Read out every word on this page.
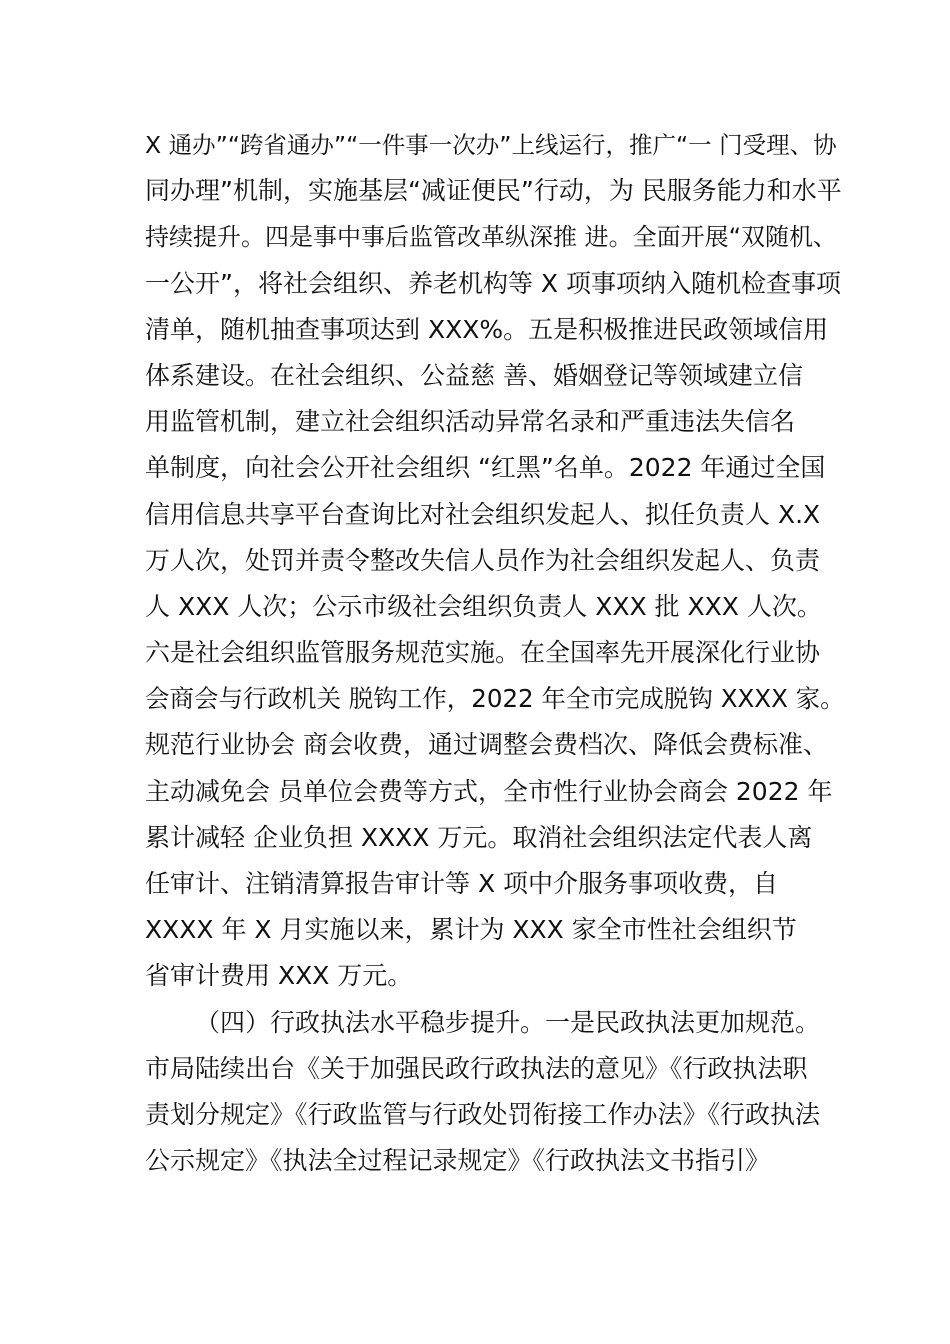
X 通办”“跨省通办”“一件事一次办”上线运行，推广“一 门受理、协
同办理”机制，实施基层“减证便民”行动，为 民服务能力和水平
持续提升。四是事中事后监管改革纵深推 进。全面开展“双随机、
一公开”，将社会组织、养老机构等 X 项事项纳入随机检查事项
清单，随机抽查事项达到 XXX%。五是积极推进民政领域信用
体系建设。在社会组织、公益慈 善、婚姻登记等领域建立信
用监管机制，建立社会组织活动异常名录和严重违法失信名
单制度，向社会公开社会组织 “红黑”名单。2022 年通过全国
信用信息共享平台查询比对社会组织发起人、拟任负责人 X.X
万人次，处罚并责令整改失信人员作为社会组织发起人、负责
人 XXX 人次；公示市级社会组织负责人 XXX 批 XXX 人次。
六是社会组织监管服务规范实施。在全国率先开展深化行业协
会商会与行政机关 脱钩工作，2022 年全市完成脱钩 XXXX 家。
规范行业协会 商会收费，通过调整会费档次、降低会费标准、
主动减免会 员单位会费等方式，全市性行业协会商会 2022 年
累计减轻 企业负担 XXXX 万元。取消社会组织法定代表人离
任审计、注销清算报告审计等 X 项中介服务事项收费，自
XXXX 年 X 月实施以来，累计为 XXX 家全市性社会组织节
省审计费用 XXX 万元。
（四）行政执法水平稳步提升。一是民政执法更加规范。
市局陆续出台《关于加强民政行政执法的意见》《行政执法职
责划分规定》《行政监管与行政处罚衔接工作办法》《行政执法
公示规定》《执法全过程记录规定》《行政执法文书指引》
